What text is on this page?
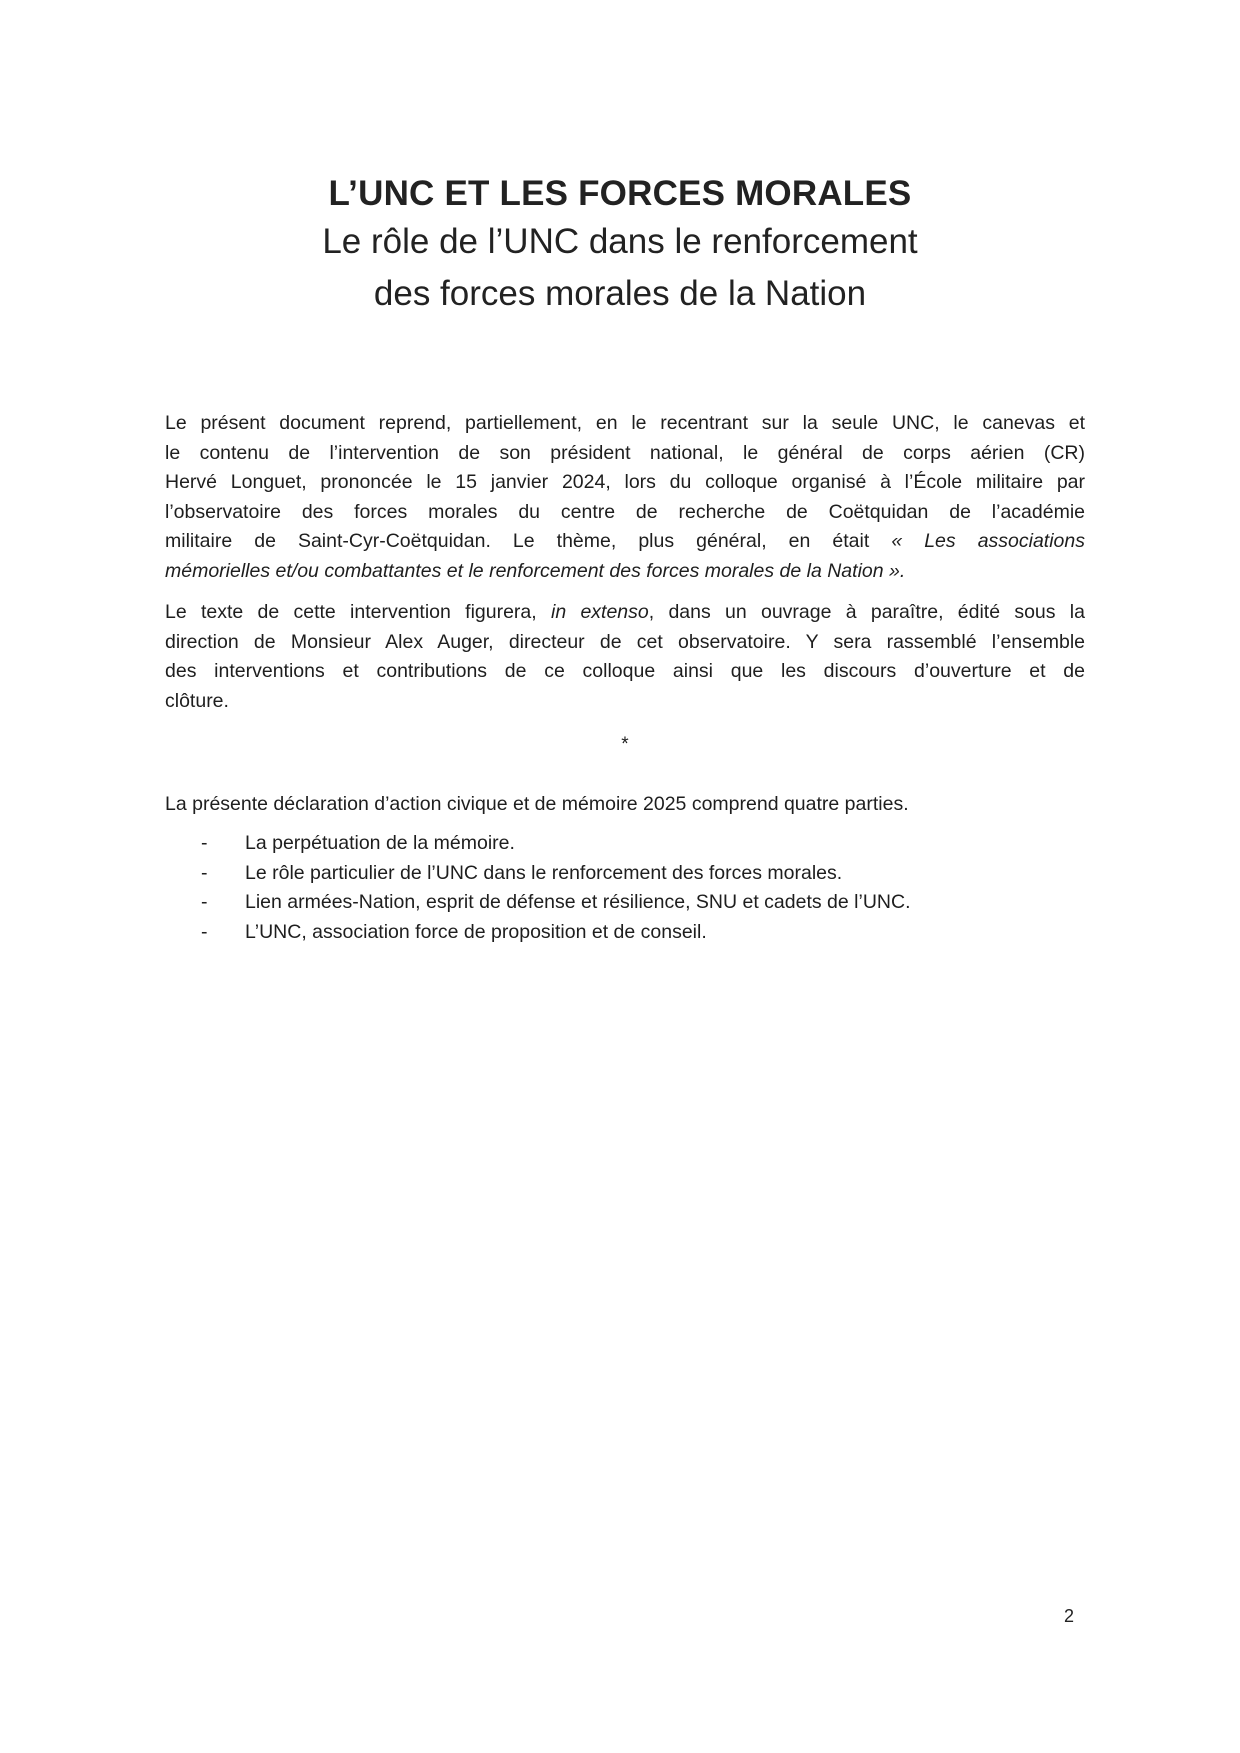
L’UNC ET LES FORCES MORALES

Le rôle de l’UNC dans le renforcement

des forces morales de la Nation

Le présent document reprend, partiellement, en le recentrant sur la seule UNC, le canevas et
le contenu de l’intervention de son président national, le général de corps aérien (CR)
Hervé Longuet, prononcée le 15 janvier 2024, lors du colloque organisé à l’École militaire par
l’observatoire des forces morales du centre de recherche de Coëtquidan de l’académie
militaire de Saint-Cyr-Coëtquidan. Le thème, plus général, en était « Les associations
mémorielles et/ou combattantes et le renforcement des forces morales de la Nation ».
Le texte de cette intervention figurera, in extenso, dans un ouvrage à paraître, édité sous la
direction de Monsieur Alex Auger, directeur de cet observatoire. Y sera rassemblé l’ensemble
des interventions et contributions de ce colloque ainsi que les discours d’ouverture et de
clôture.
*

La présente déclaration d’action civique et de mémoire 2025 comprend quatre parties.

-	La perpétuation de la mémoire.
-	Le rôle particulier de l’UNC dans le renforcement des forces morales.
-	Lien armées-Nation, esprit de défense et résilience, SNU et cadets de l’UNC.
-	L’UNC, association force de proposition et de conseil.
2
